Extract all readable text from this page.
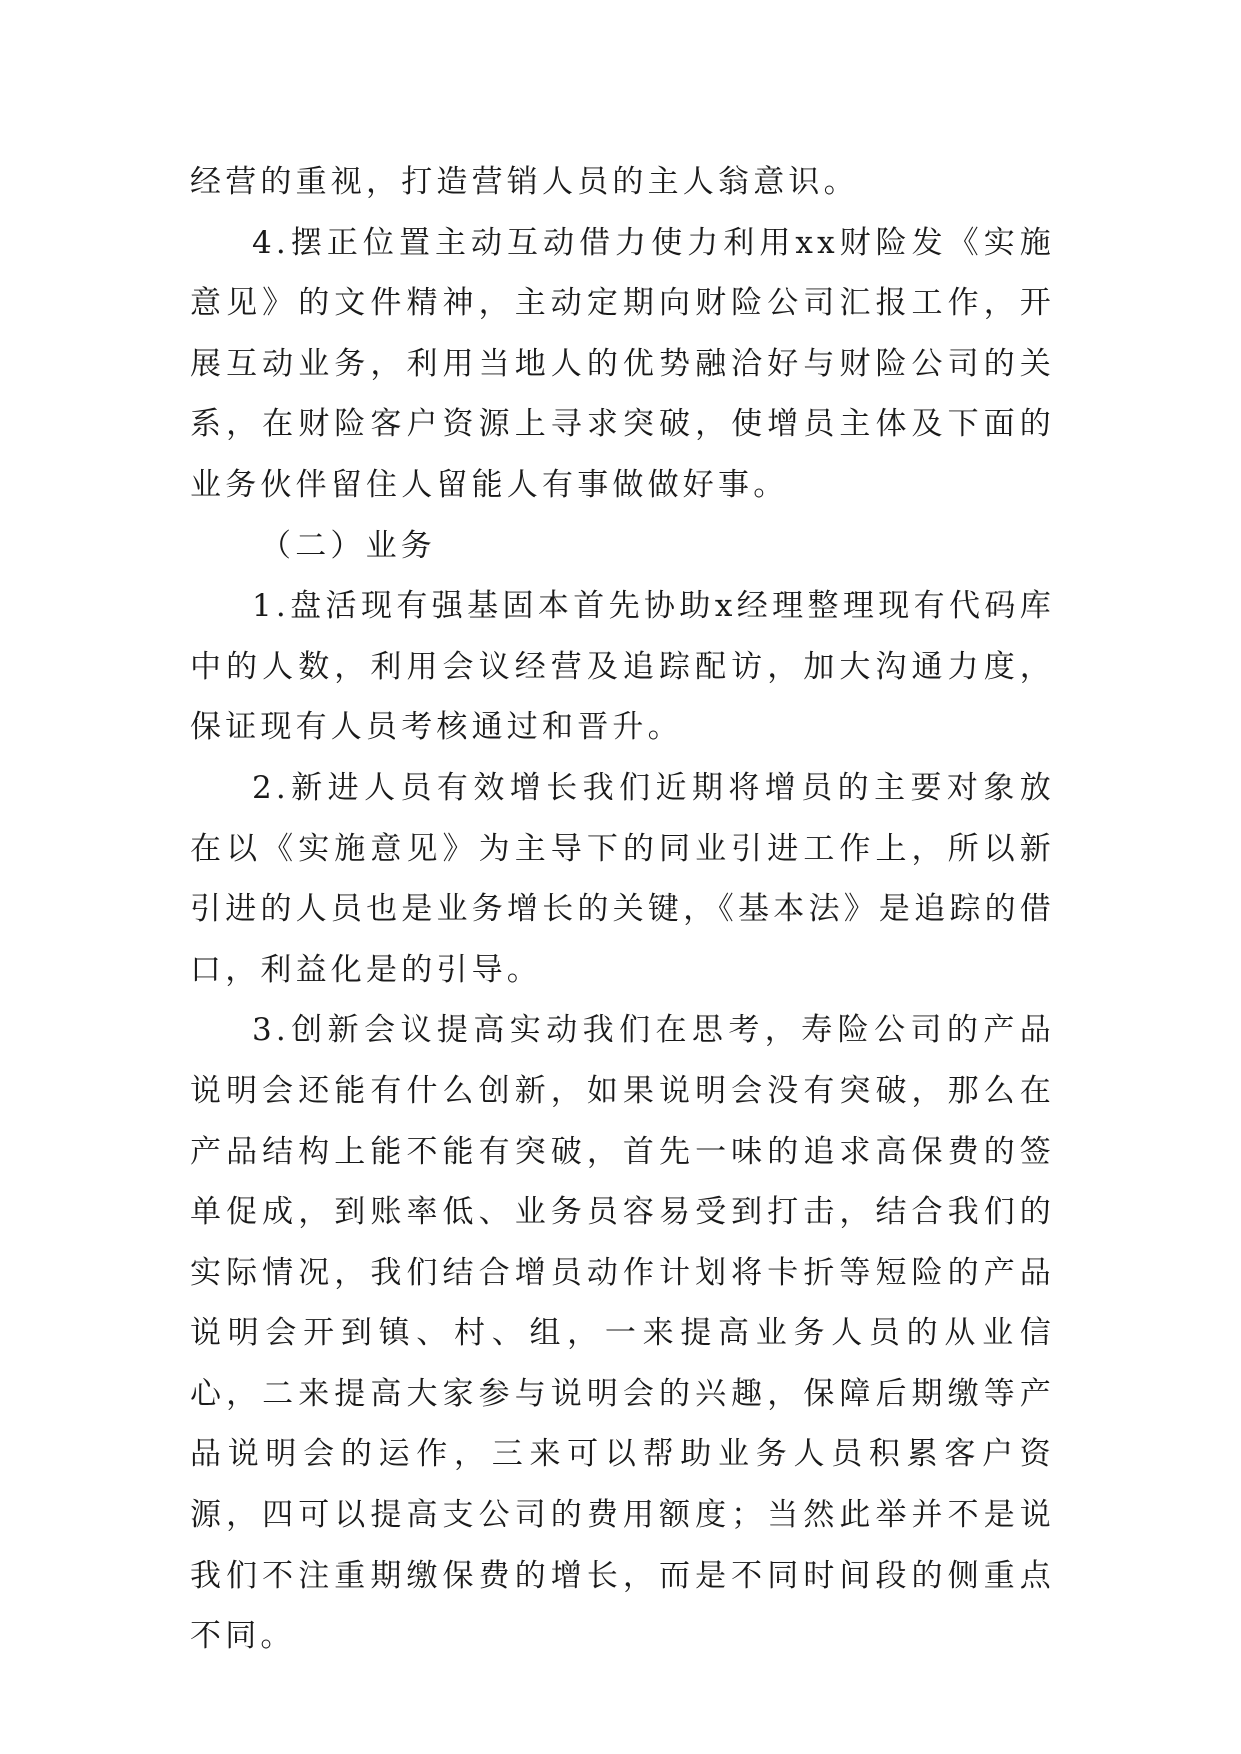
经营的重视，打造营销人员的主人翁意识。

4.摆正位置主动互动借力使力利用xx财险发《实施意见》的文件精神，主动定期向财险公司汇报工作，开展互动业务，利用当地人的优势融洽好与财险公司的关系，在财险客户资源上寻求突破，使增员主体及下面的业务伙伴留住人留能人有事做做好事。

（二）业务

1.盘活现有强基固本首先协助x经理整理现有代码库中的人数，利用会议经营及追踪配访，加大沟通力度，保证现有人员考核通过和晋升。

2.新进人员有效增长我们近期将增员的主要对象放在以《实施意见》为主导下的同业引进工作上，所以新引进的人员也是业务增长的关键，《基本法》是追踪的借口，利益化是的引导。

3.创新会议提高实动我们在思考，寿险公司的产品说明会还能有什么创新，如果说明会没有突破，那么在产品结构上能不能有突破，首先一味的追求高保费的签单促成，到账率低、业务员容易受到打击，结合我们的实际情况，我们结合增员动作计划将卡折等短险的产品说明会开到镇、村、组，一来提高业务人员的从业信心，二来提高大家参与说明会的兴趣，保障后期缴等产品说明会的运作，三来可以帮助业务人员积累客户资源，四可以提高支公司的费用额度；当然此举并不是说我们不注重期缴保费的增长，而是不同时间段的侧重点不同。
